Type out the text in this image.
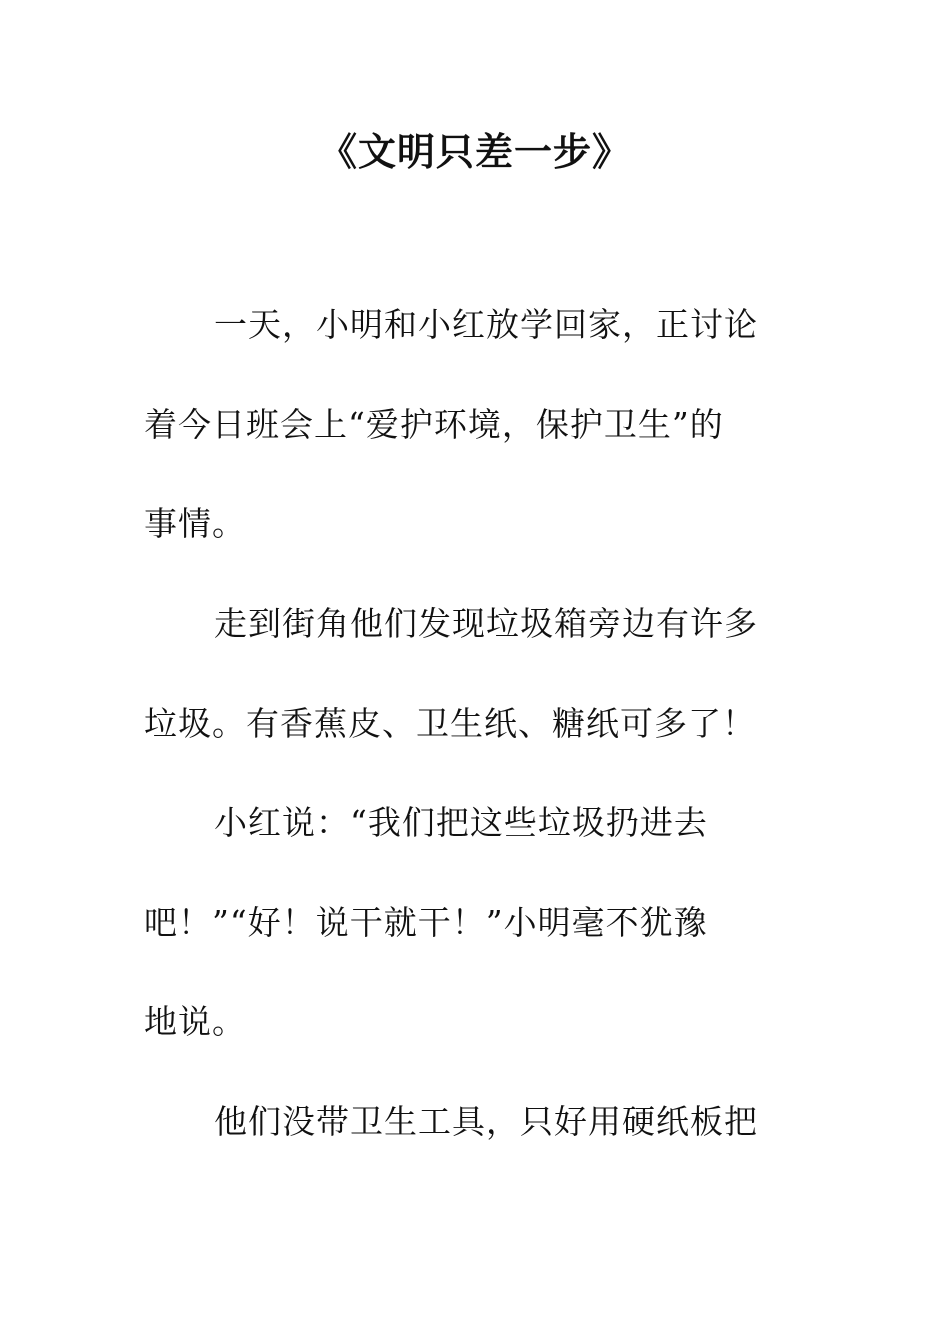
《文明只差一步》
一天，小明和小红放学回家，正讨论
着今日班会上“爱护环境，保护卫生”的
事情。
走到街角他们发现垃圾箱旁边有许多
垃圾。有香蕉皮、卫生纸、糖纸可多了！
小红说：“我们把这些垃圾扔进去
吧！”“好！说干就干！”小明毫不犹豫
地说。
他们没带卫生工具，只好用硬纸板把
